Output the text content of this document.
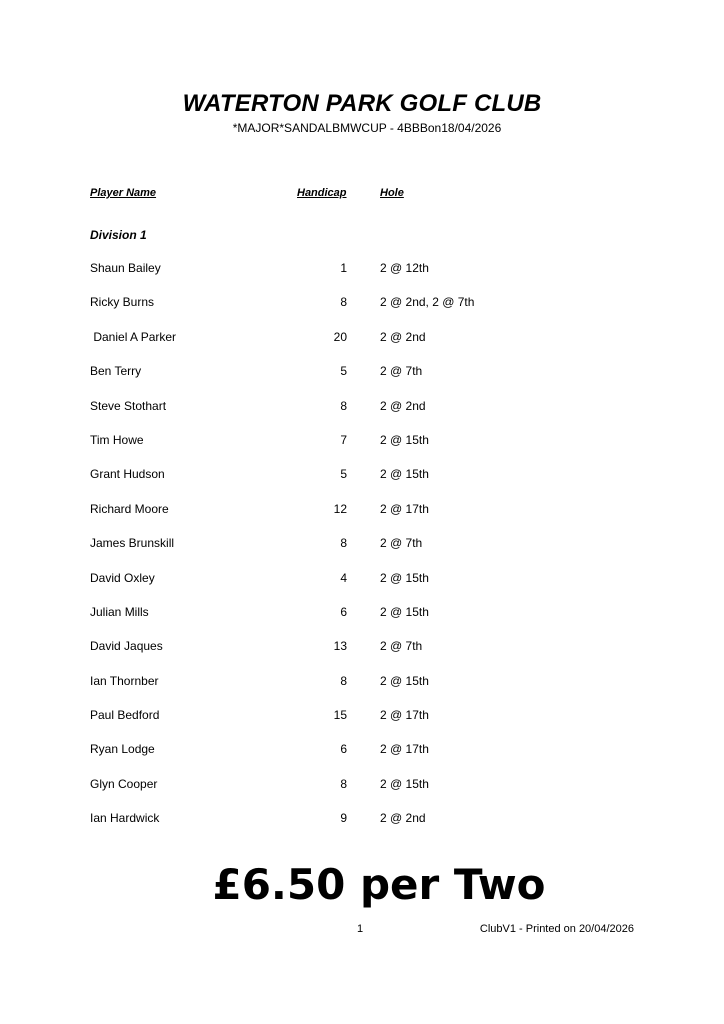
WATERTON PARK GOLF CLUB
*MAJOR*SANDALBMWCUP - 4BBBon18/04/2026
Player Name	Handicap	Hole
Division 1
Shaun Bailey	1	2 @ 12th
Ricky Burns	8	2 @ 2nd, 2 @ 7th
Daniel A Parker	20	2 @ 2nd
Ben Terry	5	2 @ 7th
Steve Stothart	8	2 @ 2nd
Tim Howe	7	2 @ 15th
Grant Hudson	5	2 @ 15th
Richard Moore	12	2 @ 17th
James Brunskill	8	2 @ 7th
David Oxley	4	2 @ 15th
Julian Mills	6	2 @ 15th
David Jaques	13	2 @ 7th
Ian Thornber	8	2 @ 15th
Paul Bedford	15	2 @ 17th
Ryan Lodge	6	2 @ 17th
Glyn Cooper	8	2 @ 15th
Ian Hardwick	9	2 @ 2nd
£6.50 per Two
1	ClubV1 - Printed on 20/04/2026
